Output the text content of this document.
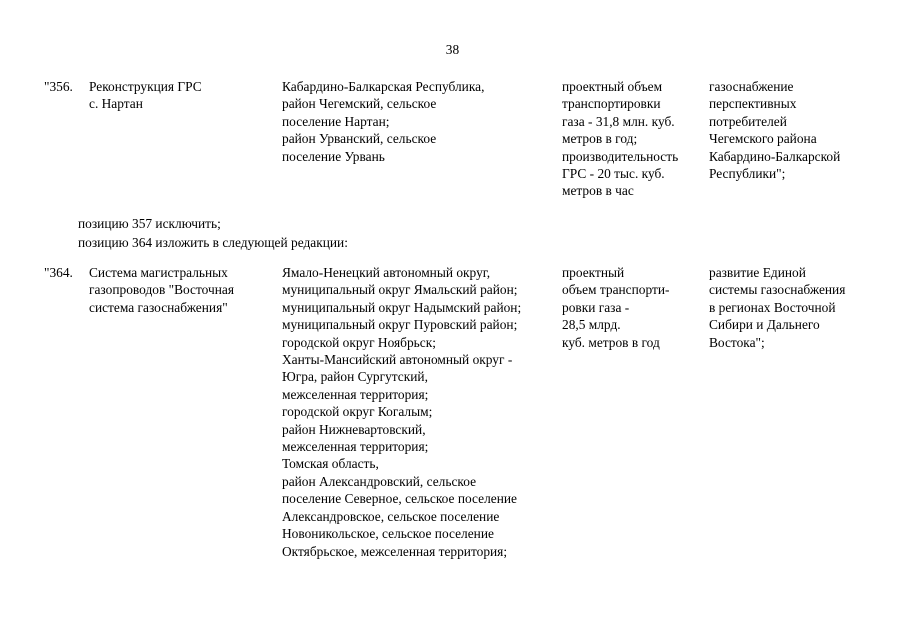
38
"356. Реконструкция ГРС
с. Нартан
Кабардино-Балкарская Республика,
район Чегемский, сельское
поселение Нартан;
район Урванский, сельское
поселение Урвань
проектный объем
транспортировки
газа - 31,8 млн. куб.
метров в год;
производительность
ГРС - 20 тыс. куб.
метров в час
газоснабжение
перспективных
потребителей
Чегемского района
Кабардино-Балкарской
Республики";
позицию 357 исключить;
позицию 364 изложить в следующей редакции:
"364. Система магистральных
газопроводов "Восточная
система газоснабжения"
Ямало-Ненецкий автономный округ,
муниципальный округ Ямальский район;
муниципальный округ Надымский район;
муниципальный округ Пуровский район;
городской округ Ноябрьск;
Ханты-Мансийский автономный округ -
Югра, район Сургутский,
межселенная территория;
городской округ Когалым;
район Нижневартовский,
межселенная территория;
Томская область,
район Александровский, сельское
поселение Северное, сельское поселение
Александровское, сельское поселение
Новоникольское, сельское поселение
Октябрьское, межселенная территория;
проектный
объем транспорти-
ровки газа -
28,5 млрд.
куб. метров в год
развитие Единой
системы газоснабжения
в регионах Восточной
Сибири и Дальнего
Востока";
